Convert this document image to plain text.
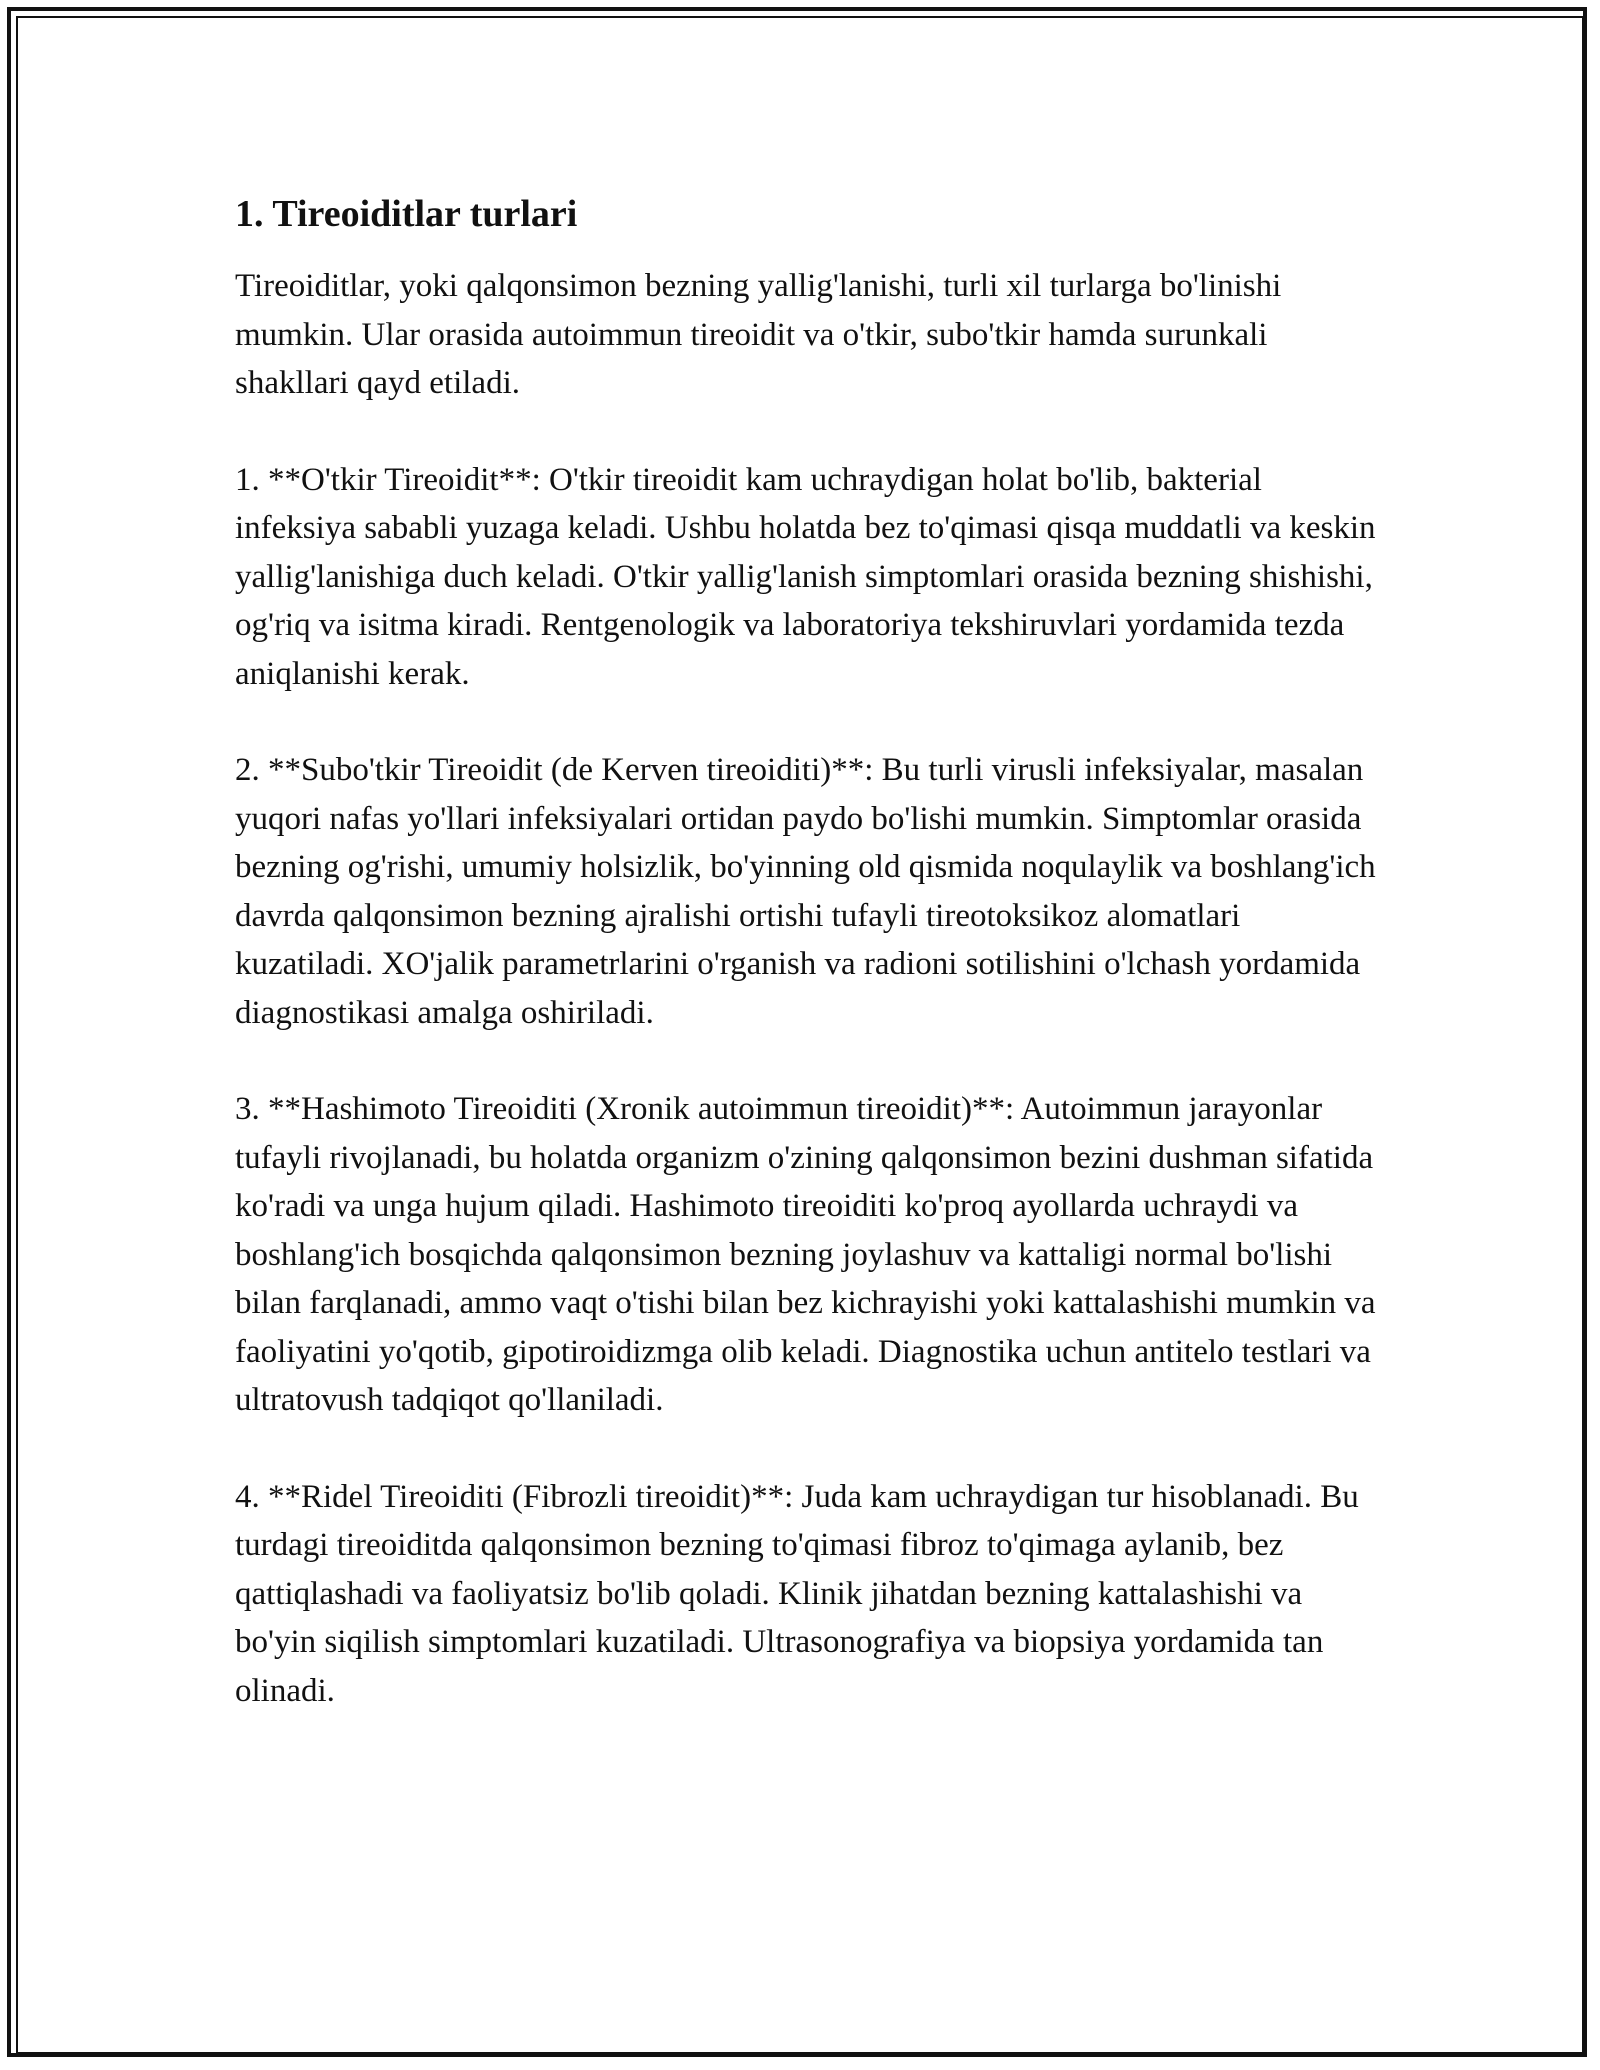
1. Tireoiditlar turlari

Tireoiditlar, yoki qalqonsimon bezning yallig'lanishi, turli xil turlarga bo'linishi mumkin. Ular orasida autoimmun tireoidit va o'tkir, subo'tkir hamda surunkali shakllari qayd etiladi.

1. **O'tkir Tireoidit**: O'tkir tireoidit kam uchraydigan holat bo'lib, bakterial infeksiya sababli yuzaga keladi. Ushbu holatda bez to'qimasi qisqa muddatli va keskin yallig'lanishiga duch keladi. O'tkir yallig'lanish simptomlari orasida bezning shishishi, og'riq va isitma kiradi. Rentgenologik va laboratoriya tekshiruvlari yordamida tezda aniqlanishi kerak.

2. **Subo'tkir Tireoidit (de Kerven tireoiditi)**: Bu turli virusli infeksiyalar, masalan yuqori nafas yo'llari infeksiyalari ortidan paydo bo'lishi mumkin. Simptomlar orasida bezning og'rishi, umumiy holsizlik, bo'yinning old qismida noqulaylik va boshlang'ich davrda qalqonsimon bezning ajralishi ortishi tufayli tireotoksikoz alomatlari kuzatiladi. XO'jalik parametrlarini o'rganish va radioni sotilishini o'lchash yordamida diagnostikasi amalga oshiriladi.

3. **Hashimoto Tireoiditi (Xronik autoimmun tireoidit)**: Autoimmun jarayonlar tufayli rivojlanadi, bu holatda organizm o'zining qalqonsimon bezini dushman sifatida ko'radi va unga hujum qiladi. Hashimoto tireoiditi ko'proq ayollarda uchraydi va boshlang'ich bosqichda qalqonsimon bezning joylashuv va kattaligi normal bo'lishi bilan farqlanadi, ammo vaqt o'tishi bilan bez kichrayishi yoki kattalashishi mumkin va faoliyatini yo'qotib, gipotiroidizmga olib keladi. Diagnostika uchun antitelo testlari va ultratovush tadqiqot qo'llaniladi.

4. **Ridel Tireoiditi (Fibrozli tireoidit)**: Juda kam uchraydigan tur hisoblanadi. Bu turdagi tireoiditda qalqonsimon bezning to'qimasi fibroz to'qimaga aylanib, bez qattiqlashadi va faoliyatsiz bo'lib qoladi. Klinik jihatdan bezning kattalashishi va bo'yin siqilish simptomlari kuzatiladi. Ultrasonografiya va biopsiya yordamida tan olinadi.
